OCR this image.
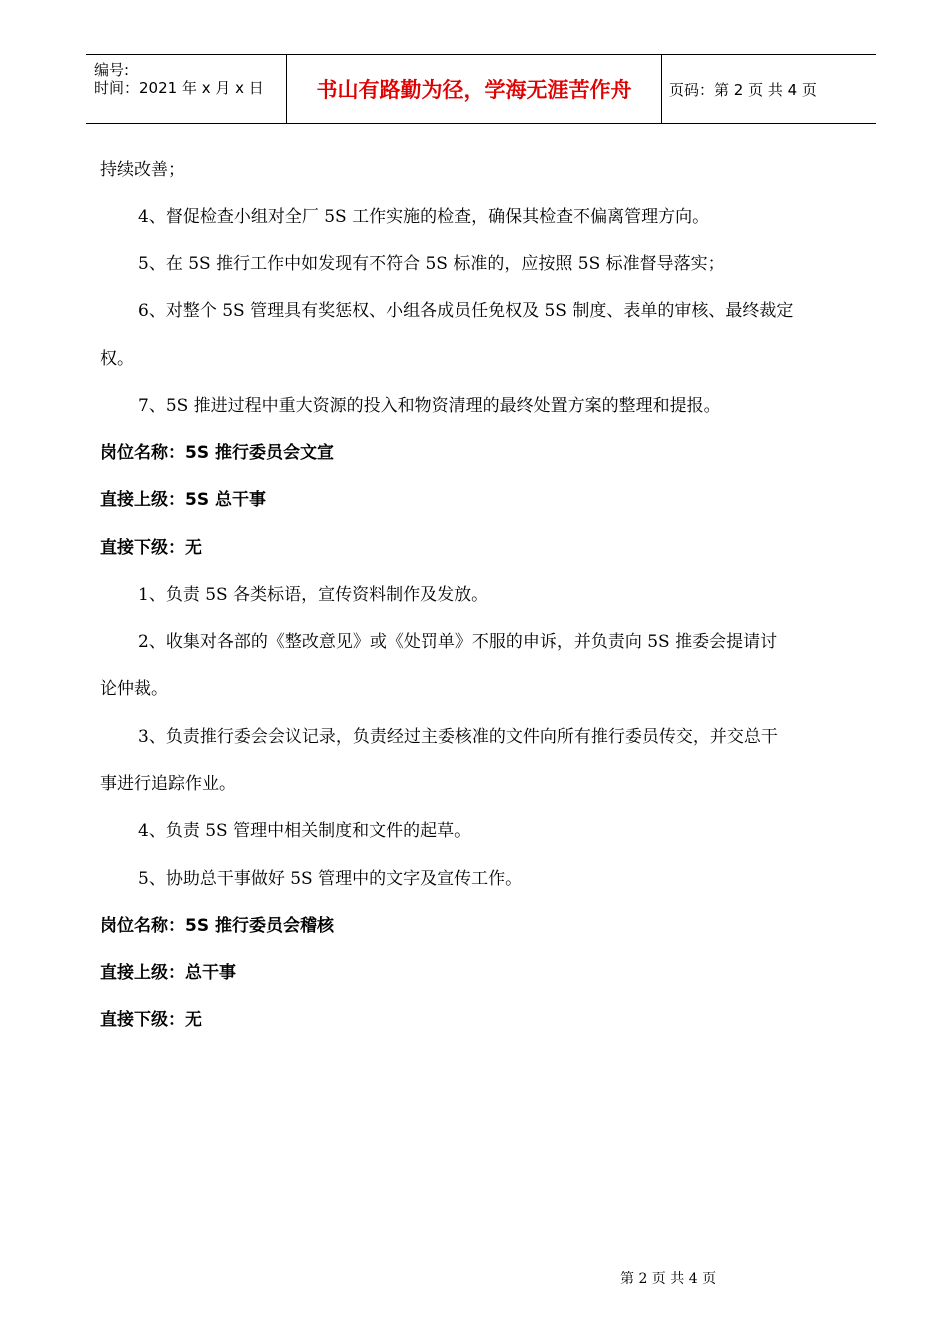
编号:
时间：2021 年 x 月 x 日	书山有路勤为径，学海无涯苦作舟	页码：第 2 页 共 4 页
持续改善；
4、督促检查小组对全厂 5S 工作实施的检查，确保其检查不偏离管理方向。
5、在 5S 推行工作中如发现有不符合 5S 标准的，应按照 5S 标准督导落实；
6、对整个 5S 管理具有奖惩权、小组各成员任免权及 5S 制度、表单的审核、最终裁定
权。
7、5S 推进过程中重大资源的投入和物资清理的最终处置方案的整理和提报。
岗位名称：5S 推行委员会文宣
直接上级：5S 总干事
直接下级：无
1、负责 5S 各类标语，宣传资料制作及发放。
2、收集对各部的《整改意见》或《处罚单》不服的申诉，并负责向 5S 推委会提请讨
论仲裁。
3、负责推行委会会议记录，负责经过主委核准的文件向所有推行委员传交，并交总干
事进行追踪作业。
4、负责 5S 管理中相关制度和文件的起草。
5、协助总干事做好 5S 管理中的文字及宣传工作。
岗位名称：5S 推行委员会稽核
直接上级：总干事
直接下级：无
第 2 页 共 4 页
